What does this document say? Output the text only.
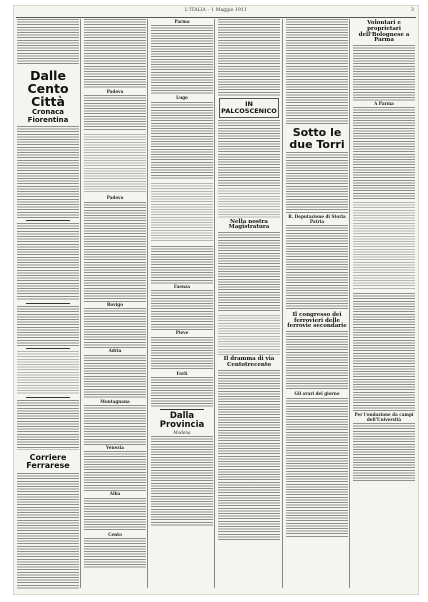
L'ITALIA – 1 Maggio 1911	3
Dalle Cento Città
Cronaca Fiorentina
Corriere Ferrarese
Padova
Padova
Rovigo
Adria
Montagnana
Venezia
Alba
Cento
Parma
Lugo
Faenza
Pieve
Forlì
Dalla Provincia
Modena
IN PALCOSCENICO
Nella nostra Magistratura
Il dramma di via Centotrecento
Sotto le due Torri
R. Deputazione di Storia Patria
Il congresso dei ferrovieri delle ferrovie secondarie
Gli orari del giorno
Volontari e proprietari dell'Bolognese a Parma
A Parma
Per l'ondazione da campi dell'Università
